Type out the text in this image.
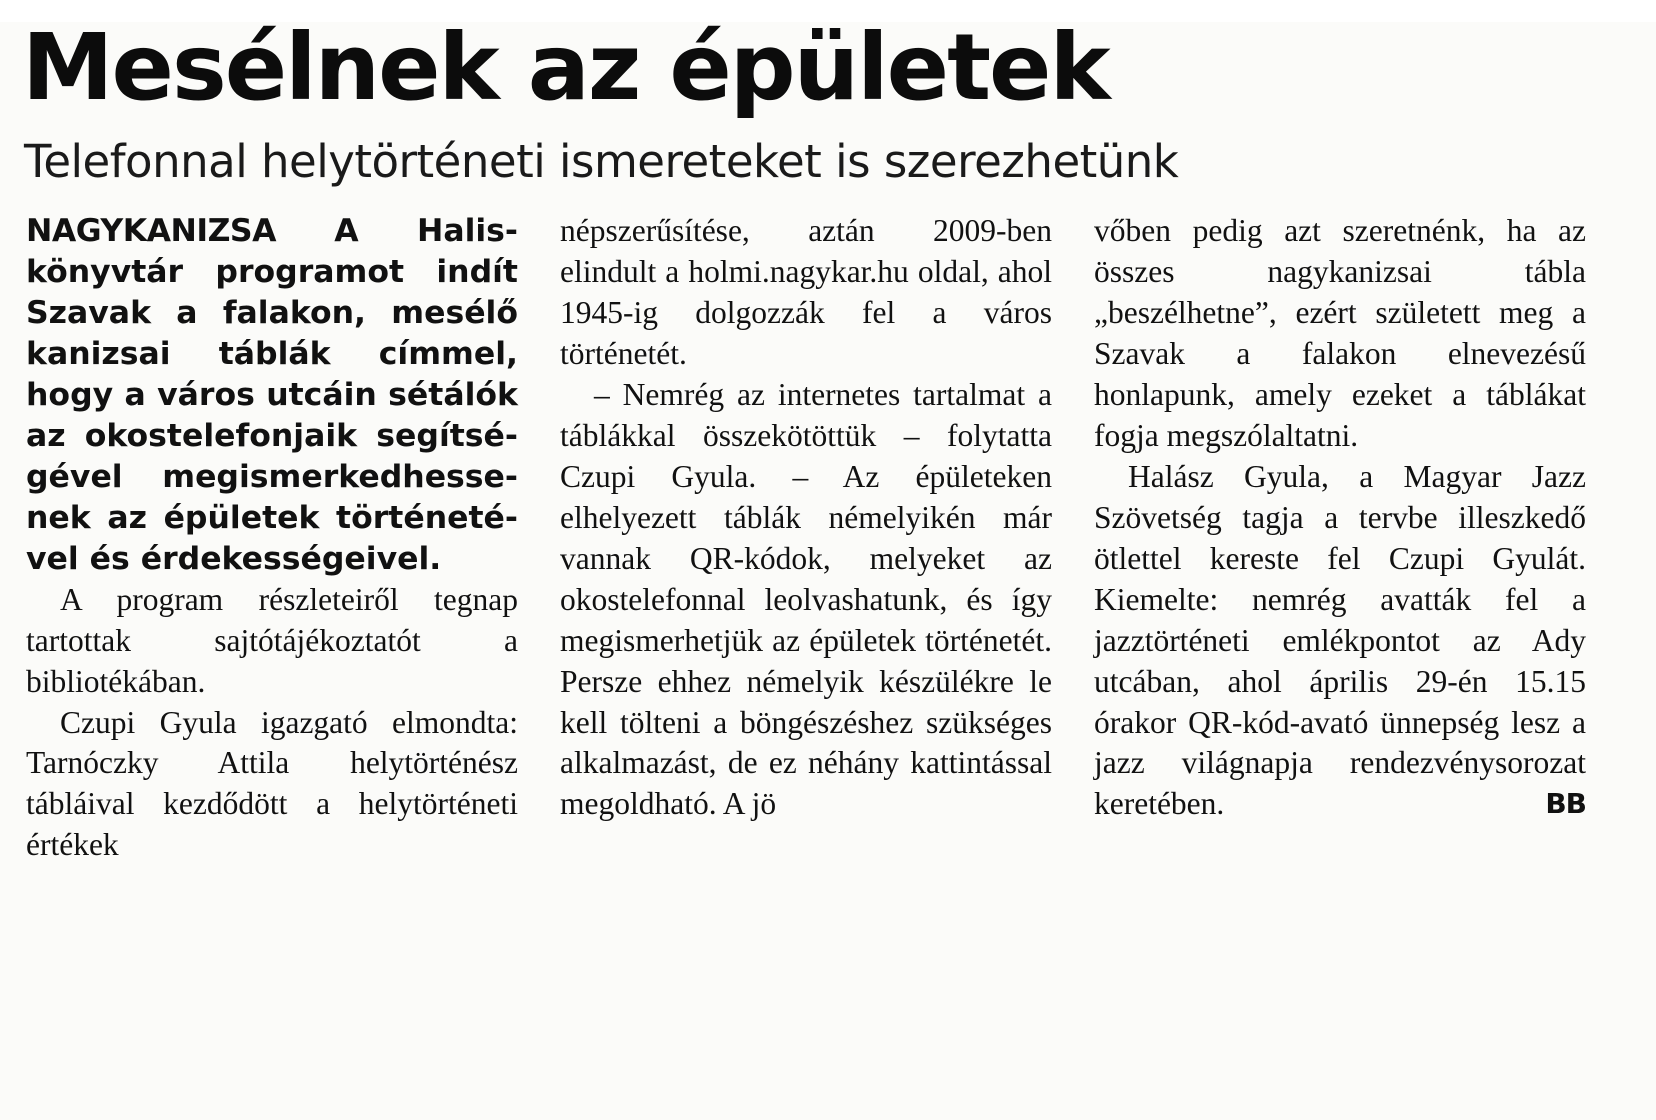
Mesélnek az épületek
Telefonnal helytörténeti ismereteket is szerezhetünk

NAGYKANIZSA A Haliskönyvtár programot indít Szavak a falakon, mesélő kanizsai táblák címmel, hogy a város utcáin sétálók az okostelefonjaik segítségével megismerkedhessenek az épületek történetével és érdekességeivel.

A program részleteiről tegnap tartottak sajtótájékoztatót a bibliotékában.

Czupi Gyula igazgató elmondta: Tarnóczky Attila helytörténész tábláival kezdődött a helytörténeti értékek

népszerűsítése, aztán 2009-ben elindult a holmi.nagykar.hu oldal, ahol 1945-ig dolgozzák fel a város történetét.

– Nemrég az internetes tartalmat a táblákkal összekötöttük – folytatta Czupi Gyula. – Az épületeken elhelyezett táblák némelyikén már vannak QR-kódok, melyeket az okostelefonnal leolvashatunk, és így megismerhetjük az épületek történetét. Persze ehhez némelyik készülékre le kell tölteni a böngészéshez szükséges alkalmazást, de ez néhány kattintással megoldható. A jö

vőben pedig azt szeretnénk, ha az összes nagykanizsai tábla „beszélhetne”, ezért született meg a Szavak a falakon elnevezésű honlapunk, amely ezeket a táblákat fogja megszólaltatni.

Halász Gyula, a Magyar Jazz Szövetség tagja a tervbe illeszkedő ötlettel kereste fel Czupi Gyulát. Kiemelte: nemrég avatták fel a jazztörténeti emlékpontot az Ady utcában, ahol április 29-én 15.15 órakor QR-kód-avató ünnepség lesz a jazz világnapja rendezvénysorozat keretében.	BB
